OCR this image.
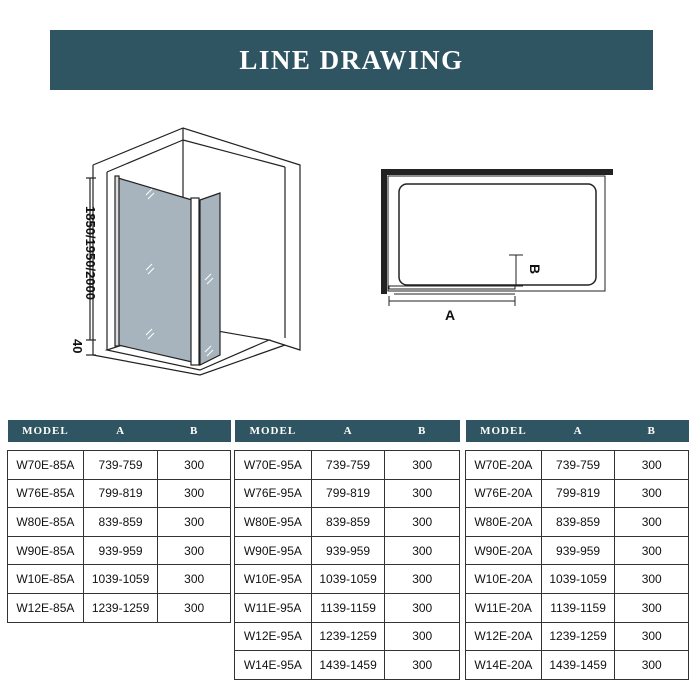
LINE DRAWING
1850/1950/2000
40
A
B
MODEL	A	B

W70E-85A	739-759	300
W76E-85A	799-819	300
W80E-85A	839-859	300
W90E-85A	939-959	300
W10E-85A	1039-1059	300
W12E-85A	1239-1259	300
MODEL	A	B

W70E-95A	739-759	300
W76E-95A	799-819	300
W80E-95A	839-859	300
W90E-95A	939-959	300
W10E-95A	1039-1059	300
W11E-95A	1139-1159	300
W12E-95A	1239-1259	300
W14E-95A	1439-1459	300
MODEL	A	B

W70E-20A	739-759	300
W76E-20A	799-819	300
W80E-20A	839-859	300
W90E-20A	939-959	300
W10E-20A	1039-1059	300
W11E-20A	1139-1159	300
W12E-20A	1239-1259	300
W14E-20A	1439-1459	300
